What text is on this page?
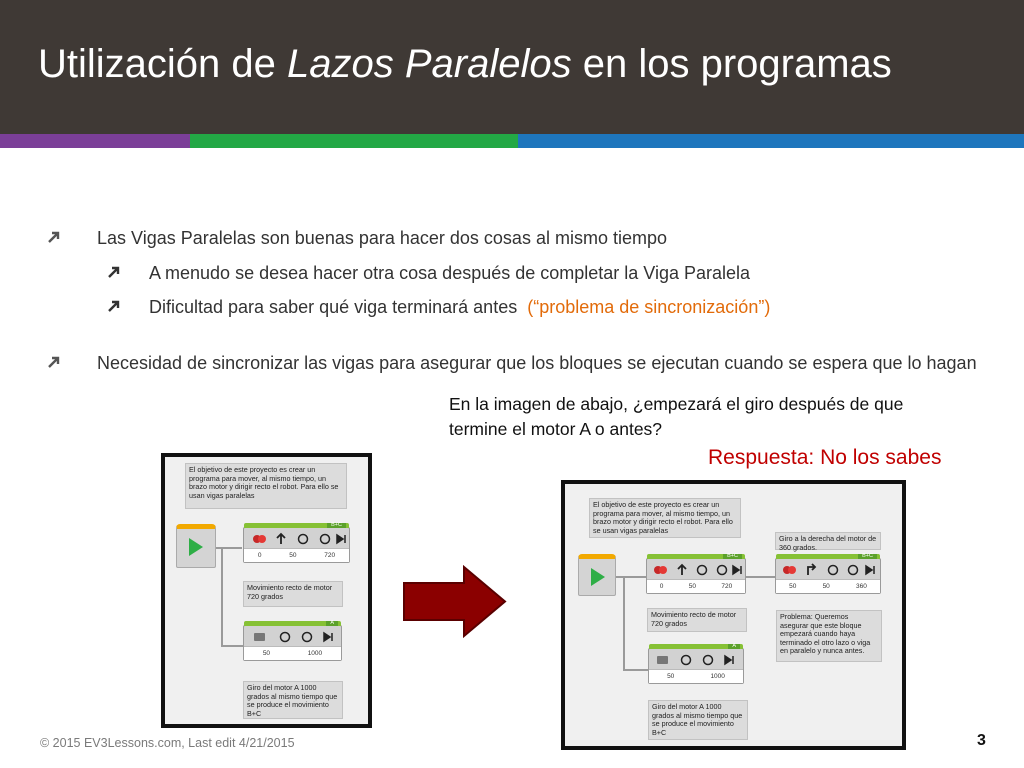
Utilización de Lazos Paralelos en los programas
Las Vigas Paralelas son buenas para hacer dos cosas al mismo tiempo
A menudo se desea hacer otra cosa después de completar la Viga Paralela
Dificultad para saber qué viga terminará antes (“problema de sincronización”)
Necesidad de sincronizar las vigas para asegurar que los bloques se ejecutan cuando se espera que lo hagan
En la imagen de abajo, ¿empezará el giro después de que termine el motor A o antes?
Respuesta: No los sabes
El objetivo de este proyecto es crear un programa para mover, al mismo tiempo, un brazo motor y dirigir recto el robot. Para ello se usan vigas paralelas
B+C
0	50	720
Movimiento recto de motor 720 grados
A
50	1000
Giro del motor A 1000 grados al mismo tiempo que se produce el movimiento B+C
El objetivo de este proyecto es crear un programa para mover, al mismo tiempo, un brazo motor y dirigir recto el robot. Para ello se usan vigas paralelas
B+C
0	50	720
Movimiento recto de motor 720 grados
A
50	1000
Giro del motor A 1000 grados al mismo tiempo que se produce el movimiento B+C
Giro a la derecha del motor de 360 grados.
B+C
50	50	360
Problema: Queremos asegurar que este bloque empezará cuando haya terminado el otro lazo o viga en paralelo y nunca antes.
© 2015 EV3Lessons.com, Last edit 4/21/2015	3
